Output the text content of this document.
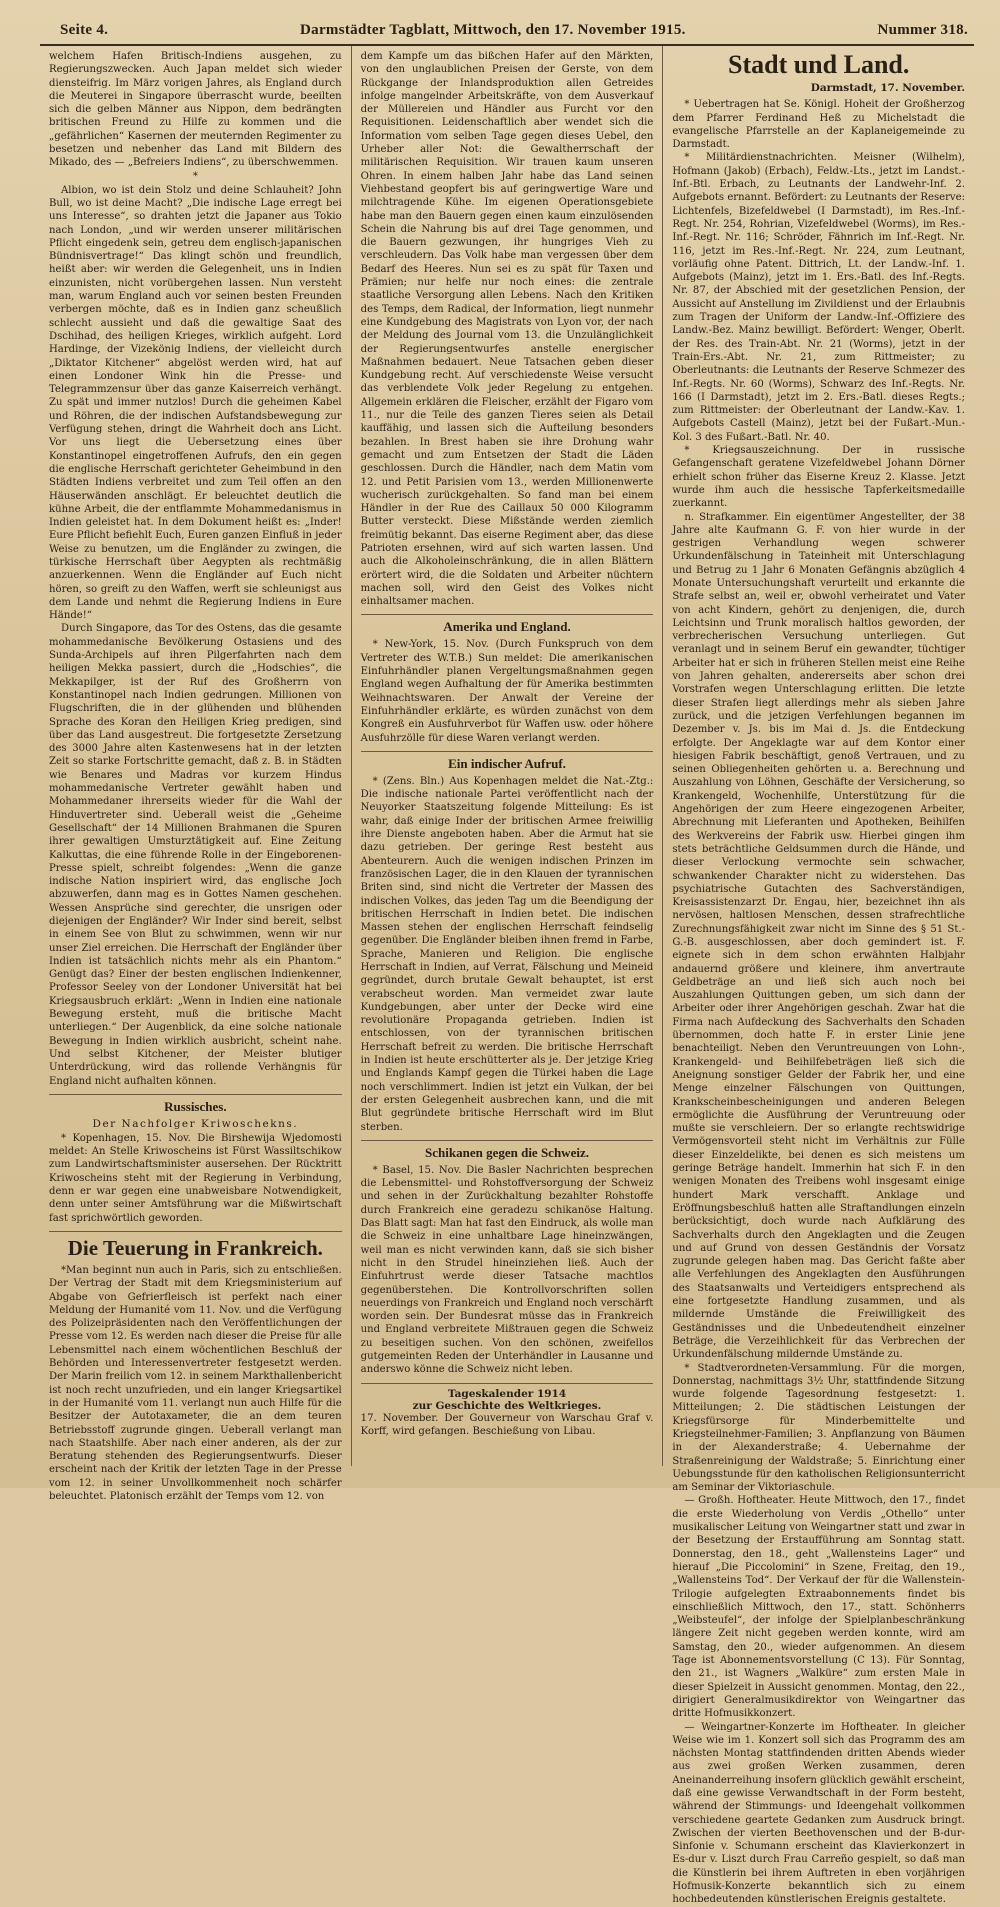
Seite 4.	Darmstädter Tagblatt, Mittwoch, den 17. November 1915.	Nummer 318.

welchem Hafen Britisch-Indiens ausgehen, zu Regierungszwecken. Auch Japan meldet sich wieder diensteifrig. Im März vorigen Jahres, als England durch die Meuterei in Singapore überrascht wurde, beeilten sich die gelben Männer aus Nippon, dem bedrängten britischen Freund zu Hilfe zu kommen und die „gefährlichen“ Kasernen der meuternden Regimenter zu besetzen und nebenher das Land mit Bildern des Mikado, des — „Befreiers Indiens“, zu überschwemmen.

*

Albion, wo ist dein Stolz und deine Schlauheit? John Bull, wo ist deine Macht? „Die indische Lage erregt bei uns Interesse“, so drahten jetzt die Japaner aus Tokio nach London, „und wir werden unserer militärischen Pflicht eingedenk sein, getreu dem englisch-japanischen Bündnisvertrage!“ Das klingt schön und freundlich, heißt aber: wir werden die Gelegenheit, uns in Indien einzunisten, nicht vorübergehen lassen. Nun versteht man, warum England auch vor seinen besten Freunden verbergen möchte, daß es in Indien ganz scheußlich schlecht aussieht und daß die gewaltige Saat des Dschihad, des heiligen Krieges, wirklich aufgeht. Lord Hardinge, der Vizekönig Indiens, der vielleicht durch „Diktator Kitchener“ abgelöst werden wird, hat auf einen Londoner Wink hin die Presse- und Telegrammzensur über das ganze Kaiserreich verhängt. Zu spät und immer nutzlos! Durch die geheimen Kabel und Röhren, die der indischen Aufstandsbewegung zur Verfügung stehen, dringt die Wahrheit doch ans Licht. Vor uns liegt die Uebersetzung eines über Konstantinopel eingetroffenen Aufrufs, den ein gegen die englische Herrschaft gerichteter Geheimbund in den Städten Indiens verbreitet und zum Teil offen an den Häuserwänden anschlägt. Er beleuchtet deutlich die kühne Arbeit, die der entflammte Mohammedanismus in Indien geleistet hat. In dem Dokument heißt es: „Inder! Eure Pflicht befiehlt Euch, Euren ganzen Einfluß in jeder Weise zu benutzen, um die Engländer zu zwingen, die türkische Herrschaft über Aegypten als rechtmäßig anzuerkennen. Wenn die Engländer auf Euch nicht hören, so greift zu den Waffen, werft sie schleunigst aus dem Lande und nehmt die Regierung Indiens in Eure Hände!“

Durch Singapore, das Tor des Ostens, das die gesamte mohammedanische Bevölkerung Ostasiens und des Sunda-Archipels auf ihren Pilgerfahrten nach dem heiligen Mekka passiert, durch die „Hodschies“, die Mekkapilger, ist der Ruf des Großherrn von Konstantinopel nach Indien gedrungen. Millionen von Flugschriften, die in der glühenden und blühenden Sprache des Koran den Heiligen Krieg predigen, sind über das Land ausgestreut. Die fortgesetzte Zersetzung des 3000 Jahre alten Kastenwesens hat in der letzten Zeit so starke Fortschritte gemacht, daß z. B. in Städten wie Benares und Madras vor kurzem Hindus mohammedanische Vertreter gewählt haben und Mohammedaner ihrerseits wieder für die Wahl der Hinduvertreter sind. Ueberall weist die „Geheime Gesellschaft“ der 14 Millionen Brahmanen die Spuren ihrer gewaltigen Umsturztätigkeit auf. Eine Zeitung Kalkuttas, die eine führende Rolle in der Eingeborenen-Presse spielt, schreibt folgendes: „Wenn die ganze indische Nation inspiriert wird, das englische Joch abzuwerfen, dann mag es in Gottes Namen geschehen. Wessen Ansprüche sind gerechter, die unsrigen oder diejenigen der Engländer? Wir Inder sind bereit, selbst in einem See von Blut zu schwimmen, wenn wir nur unser Ziel erreichen. Die Herrschaft der Engländer über Indien ist tatsächlich nichts mehr als ein Phantom.“ Genügt das? Einer der besten englischen Indienkenner, Professor Seeley von der Londoner Universität hat bei Kriegsausbruch erklärt: „Wenn in Indien eine nationale Bewegung ersteht, muß die britische Macht unterliegen.“ Der Augenblick, da eine solche nationale Bewegung in Indien wirklich ausbricht, scheint nahe. Und selbst Kitchener, der Meister blutiger Unterdrückung, wird das rollende Verhängnis für England nicht aufhalten können.

Russisches.
Der Nachfolger Kriwoschekns.

* Kopenhagen, 15. Nov. Die Birshewija Wjedomosti meldet: An Stelle Kriwoscheins ist Fürst Wassiltschikow zum Landwirtschaftsminister ausersehen. Der Rücktritt Kriwoscheins steht mit der Regierung in Verbindung, denn er war gegen eine unabweisbare Notwendigkeit, denn unter seiner Amtsführung war die Mißwirtschaft fast sprichwörtlich geworden.

Die Teuerung in Frankreich.

*Man beginnt nun auch in Paris, sich zu entschließen. Der Vertrag der Stadt mit dem Kriegsministerium auf Abgabe von Gefrierfleisch ist perfekt nach einer Meldung der Humanité vom 11. Nov. und die Verfügung des Polizeipräsidenten nach den Veröffentlichungen der Presse vom 12. Es werden nach dieser die Preise für alle Lebensmittel nach einem wöchentlichen Beschluß der Behörden und Interessenvertreter festgesetzt werden. Der Marin freilich vom 12. in seinem Markthallenbericht ist noch recht unzufrieden, und ein langer Kriegsartikel in der Humanité vom 11. verlangt nun auch Hilfe für die Besitzer der Autotaxameter, die an dem teuren Betriebsstoff zugrunde gingen. Ueberall verlangt man nach Staatshilfe. Aber nach einer anderen, als der zur Beratung stehenden des Regierungsentwurfs. Dieser erscheint nach der Kritik der letzten Tage in der Presse vom 12. in seiner Unvollkommenheit noch schärfer beleuchtet. Platonisch erzählt der Temps vom 12. von

dem Kampfe um das bißchen Hafer auf den Märkten, von den unglaublichen Preisen der Gerste, von dem Rückgange der Inlandsproduktion allen Getreides infolge mangelnder Arbeitskräfte, von dem Ausverkauf der Müllereien und Händler aus Furcht vor den Requisitionen. Leidenschaftlich aber wendet sich die Information vom selben Tage gegen dieses Uebel, den Urheber aller Not: die Gewaltherrschaft der militärischen Requisition. Wir trauen kaum unseren Ohren. In einem halben Jahr habe das Land seinen Viehbestand geopfert bis auf geringwertige Ware und milchtragende Kühe. Im eigenen Operationsgebiete habe man den Bauern gegen einen kaum einzulösenden Schein die Nahrung bis auf drei Tage genommen, und die Bauern gezwungen, ihr hungriges Vieh zu verschleudern. Das Volk habe man vergessen über dem Bedarf des Heeres. Nun sei es zu spät für Taxen und Prämien; nur helfe nur noch eines: die zentrale staatliche Versorgung allen Lebens. Nach den Kritiken des Temps, dem Radical, der Information, liegt nunmehr eine Kundgebung des Magistrats von Lyon vor, der nach der Meldung des Journal vom 13. die Unzulänglichkeit der Regierungsentwurfes anstelle energischer Maßnahmen bedauert. Neue Tatsachen geben dieser Kundgebung recht. Auf verschiedenste Weise versucht das verblendete Volk jeder Regelung zu entgehen. Allgemein erklären die Fleischer, erzählt der Figaro vom 11., nur die Teile des ganzen Tieres seien als Detail kauffähig, und lassen sich die Aufteilung besonders bezahlen. In Brest haben sie ihre Drohung wahr gemacht und zum Entsetzen der Stadt die Läden geschlossen. Durch die Händler, nach dem Matin vom 12. und Petit Parisien vom 13., werden Millionenwerte wucherisch zurückgehalten. So fand man bei einem Händler in der Rue des Caillaux 50 000 Kilogramm Butter versteckt. Diese Mißstände werden ziemlich freimütig bekannt. Das eiserne Regiment aber, das diese Patrioten ersehnen, wird auf sich warten lassen. Und auch die Alkoholeinschränkung, die in allen Blättern erörtert wird, die die Soldaten und Arbeiter nüchtern machen soll, wird den Geist des Volkes nicht einhaltsamer machen.

Amerika und England.

* New-York, 15. Nov. (Durch Funkspruch von dem Vertreter des W.T.B.) Sun meldet: Die amerikanischen Einfuhrhändler planen Vergeltungsmaßnahmen gegen England wegen Aufhaltung der für Amerika bestimmten Weihnachtswaren. Der Anwalt der Vereine der Einfuhrhändler erklärte, es würden zunächst von dem Kongreß ein Ausfuhrverbot für Waffen usw. oder höhere Ausfuhrzölle für diese Waren verlangt werden.

Ein indischer Aufruf.

* (Zens. Bln.) Aus Kopenhagen meldet die Nat.-Ztg.: Die indische nationale Partei veröffentlicht nach der Neuyorker Staatszeitung folgende Mitteilung: Es ist wahr, daß einige Inder der britischen Armee freiwillig ihre Dienste angeboten haben. Aber die Armut hat sie dazu getrieben. Der geringe Rest besteht aus Abenteurern. Auch die wenigen indischen Prinzen im französischen Lager, die in den Klauen der tyrannischen Briten sind, sind nicht die Vertreter der Massen des indischen Volkes, das jeden Tag um die Beendigung der britischen Herrschaft in Indien betet. Die indischen Massen stehen der englischen Herrschaft feindselig gegenüber. Die Engländer bleiben ihnen fremd in Farbe, Sprache, Manieren und Religion. Die englische Herrschaft in Indien, auf Verrat, Fälschung und Meineid gegründet, durch brutale Gewalt behauptet, ist erst verabscheut worden. Man vermeidet zwar laute Kundgebungen, aber unter der Decke wird eine revolutionäre Propaganda getrieben. Indien ist entschlossen, von der tyrannischen britischen Herrschaft befreit zu werden. Die britische Herrschaft in Indien ist heute erschütterter als je. Der jetzige Krieg und Englands Kampf gegen die Türkei haben die Lage noch verschlimmert. Indien ist jetzt ein Vulkan, der bei der ersten Gelegenheit ausbrechen kann, und die mit Blut gegründete britische Herrschaft wird im Blut sterben.

Schikanen gegen die Schweiz.

* Basel, 15. Nov. Die Basler Nachrichten besprechen die Lebensmittel- und Rohstoffversorgung der Schweiz und sehen in der Zurückhaltung bezahlter Rohstoffe durch Frankreich eine geradezu schikanöse Haltung. Das Blatt sagt: Man hat fast den Eindruck, als wolle man die Schweiz in eine unhaltbare Lage hineinzwängen, weil man es nicht verwinden kann, daß sie sich bisher nicht in den Strudel hineinziehen ließ. Auch der Einfuhrtrust werde dieser Tatsache machtlos gegenüberstehen. Die Kontrollvorschriften sollen neuerdings von Frankreich und England noch verschärft worden sein. Der Bundesrat müsse das in Frankreich und England verbreitete Mißtrauen gegen die Schweiz zu beseitigen suchen. Von den schönen, zweifellos gutgemeinten Reden der Unterhändler in Lausanne und anderswo könne die Schweiz nicht leben.

Tageskalender 1914
zur Geschichte des Weltkrieges.

17. November. Der Gouverneur von Warschau Graf v. Korff, wird gefangen. Beschießung von Libau.

Stadt und Land.

Darmstadt, 17. November.

* Uebertragen hat Se. Königl. Hoheit der Großherzog dem Pfarrer Ferdinand Heß zu Michelstadt die evangelische Pfarrstelle an der Kaplaneigemeinde zu Darmstadt.

* Militärdienstnachrichten. Meisner (Wilhelm), Hofmann (Jakob) (Erbach), Feldw.-Lts., jetzt im Landst.-Inf.-Btl. Erbach, zu Leutnants der Landwehr-Inf. 2. Aufgebots ernannt. Befördert: zu Leutnants der Reserve: Lichtenfels, Bizefeldwebel (I Darmstadt), im Res.-Inf.-Regt. Nr. 254, Rohrian, Vizefeldwebel (Worms), im Res.-Inf.-Regt. Nr. 116; Schröder, Fähnrich im Inf.-Regt. Nr. 116, jetzt im Res.-Inf.-Regt. Nr. 224, zum Leutnant, vorläufig ohne Patent. Dittrich, Lt. der Landw.-Inf. 1. Aufgebots (Mainz), jetzt im 1. Ers.-Batl. des Inf.-Regts. Nr. 87, der Abschied mit der gesetzlichen Pension, der Aussicht auf Anstellung im Zivildienst und der Erlaubnis zum Tragen der Uniform der Landw.-Inf.-Offiziere des Landw.-Bez. Mainz bewilligt. Befördert: Wenger, Oberlt. der Res. des Train-Abt. Nr. 21 (Worms), jetzt in der Train-Ers.-Abt. Nr. 21, zum Rittmeister; zu Oberleutnants: die Leutnants der Reserve Schmezer des Inf.-Regts. Nr. 60 (Worms), Schwarz des Inf.-Regts. Nr. 166 (I Darmstadt), jetzt im 2. Ers.-Batl. dieses Regts.; zum Rittmeister: der Oberleutnant der Landw.-Kav. 1. Aufgebots Castell (Mainz), jetzt bei der Fußart.-Mun.-Kol. 3 des Fußart.-Batl. Nr. 40.

* Kriegsauszeichnung. Der in russische Gefangenschaft geratene Vizefeldwebel Johann Dörner erhielt schon früher das Eiserne Kreuz 2. Klasse. Jetzt wurde ihm auch die hessische Tapferkeitsmedaille zuerkannt.

n. Strafkammer. Ein eigentümer Angestellter, der 38 Jahre alte Kaufmann G. F. von hier wurde in der gestrigen Verhandlung wegen schwerer Urkundenfälschung in Tateinheit mit Unterschlagung und Betrug zu 1 Jahr 6 Monaten Gefängnis abzüglich 4 Monate Untersuchungshaft verurteilt und erkannte die Strafe selbst an, weil er, obwohl verheiratet und Vater von acht Kindern, gehört zu denjenigen, die, durch Leichtsinn und Trunk moralisch haltlos geworden, der verbrecherischen Versuchung unterliegen. Gut veranlagt und in seinem Beruf ein gewandter, tüchtiger Arbeiter hat er sich in früheren Stellen meist eine Reihe von Jahren gehalten, andererseits aber schon drei Vorstrafen wegen Unterschlagung erlitten. Die letzte dieser Strafen liegt allerdings mehr als sieben Jahre zurück, und die jetzigen Verfehlungen begannen im Dezember v. Js. bis im Mai d. Js. die Entdeckung erfolgte. Der Angeklagte war auf dem Kontor einer hiesigen Fabrik beschäftigt, genoß Vertrauen, und zu seinen Obliegenheiten gehörten u. a. Berechnung und Auszahlung von Löhnen, Geschäfte der Versicherung, so Krankengeld, Wochenhilfe, Unterstützung für die Angehörigen der zum Heere eingezogenen Arbeiter, Abrechnung mit Lieferanten und Apotheken, Beihilfen des Werkvereins der Fabrik usw. Hierbei gingen ihm stets beträchtliche Geldsummen durch die Hände, und dieser Verlockung vermochte sein schwacher, schwankender Charakter nicht zu widerstehen. Das psychiatrische Gutachten des Sachverständigen, Kreisassistenzarzt Dr. Engau, hier, bezeichnet ihn als nervösen, haltlosen Menschen, dessen strafrechtliche Zurechnungsfähigkeit zwar nicht im Sinne des § 51 St.-G.-B. ausgeschlossen, aber doch gemindert ist. F. eignete sich in dem schon erwähnten Halbjahr andauernd größere und kleinere, ihm anvertraute Geldbeträge an und ließ sich auch noch bei Auszahlungen Quittungen geben, um sich dann der Arbeiter oder ihrer Angehörigen geschah. Zwar hat die Firma nach Aufdeckung des Sachverhalts den Schaden übernommen, doch hatte F. in erster Linie jene benachteiligt. Neben den Veruntreuungen von Lohn-, Krankengeld- und Beihilfebeträgen ließ sich die Aneignung sonstiger Gelder der Fabrik her, und eine Menge einzelner Fälschungen von Quittungen, Krankscheinbescheinigungen und anderen Belegen ermöglichte die Ausführung der Veruntreuung oder mußte sie verschleiern. Der so erlangte rechtswidrige Vermögensvorteil steht nicht im Verhältnis zur Fülle dieser Einzeldelikte, bei denen es sich meistens um geringe Beträge handelt. Immerhin hat sich F. in den wenigen Monaten des Treibens wohl insgesamt einige hundert Mark verschafft. Anklage und Eröffnungsbeschluß hatten alle Straftandlungen einzeln berücksichtigt, doch wurde nach Aufklärung des Sachverhalts durch den Angeklagten und die Zeugen und auf Grund von dessen Geständnis der Vorsatz zugrunde gelegen haben mag. Das Gericht faßte aber alle Verfehlungen des Angeklagten den Ausführungen des Staatsanwalts und Verteidigers entsprechend als eine fortgesetzte Handlung zusammen, und als mildernde Umstände die Freiwilligkeit des Geständnisses und die Unbedeutendheit einzelner Beträge, die Verzeihlichkeit für das Verbrechen der Urkundenfälschung mildernde Umstände zu.

* Stadtverordneten-Versammlung. Für die morgen, Donnerstag, nachmittags 3½ Uhr, stattfindende Sitzung wurde folgende Tagesordnung festgesetzt: 1. Mitteilungen; 2. Die städtischen Leistungen der Kriegsfürsorge für Minderbemittelte und Kriegsteilnehmer-Familien; 3. Anpflanzung von Bäumen in der Alexanderstraße; 4. Uebernahme der Straßenreinigung der Waldstraße; 5. Einrichtung einer Uebungsstunde für den katholischen Religionsunterricht am Seminar der Viktoriaschule.

— Großh. Hoftheater. Heute Mittwoch, den 17., findet die erste Wiederholung von Verdis „Othello“ unter musikalischer Leitung von Weingartner statt und zwar in der Besetzung der Erstaufführung am Sonntag statt. Donnerstag, den 18., geht „Wallensteins Lager“ und hierauf „Die Piccolomini“ in Szene, Freitag, den 19., „Wallensteins Tod“. Der Verkauf der für die Wallenstein-Trilogie aufgelegten Extraabonnements findet bis einschließlich Mittwoch, den 17., statt. Schönherrs „Weibsteufel“, der infolge der Spielplanbeschränkung längere Zeit nicht gegeben werden konnte, wird am Samstag, den 20., wieder aufgenommen. An diesem Tage ist Abonnementsvorstellung (C 13). Für Sonntag, den 21., ist Wagners „Walküre“ zum ersten Male in dieser Spielzeit in Aussicht genommen. Montag, den 22., dirigiert Generalmusikdirektor von Weingartner das dritte Hofmusikkonzert.

— Weingartner-Konzerte im Hoftheater. In gleicher Weise wie im 1. Konzert soll sich das Programm des am nächsten Montag stattfindenden dritten Abends wieder aus zwei großen Werken zusammen, deren Aneinanderreihung insofern glücklich gewählt erscheint, daß eine gewisse Verwandtschaft in der Form besteht, während der Stimmungs- und Ideengehalt vollkommen verschiedene geartete Gedanken zum Ausdruck bringt. Zwischen der vierten Beethovenschen und der B-dur-Sinfonie v. Schumann erscheint das Klavierkonzert in Es-dur v. Liszt durch Frau Carreño gespielt, so daß man die Künstlerin bei ihrem Auftreten in eben vorjährigen Hofmusik-Konzerte bekanntlich sich zu einem hochbedeutenden künstlerischen Ereignis gestaltete.
